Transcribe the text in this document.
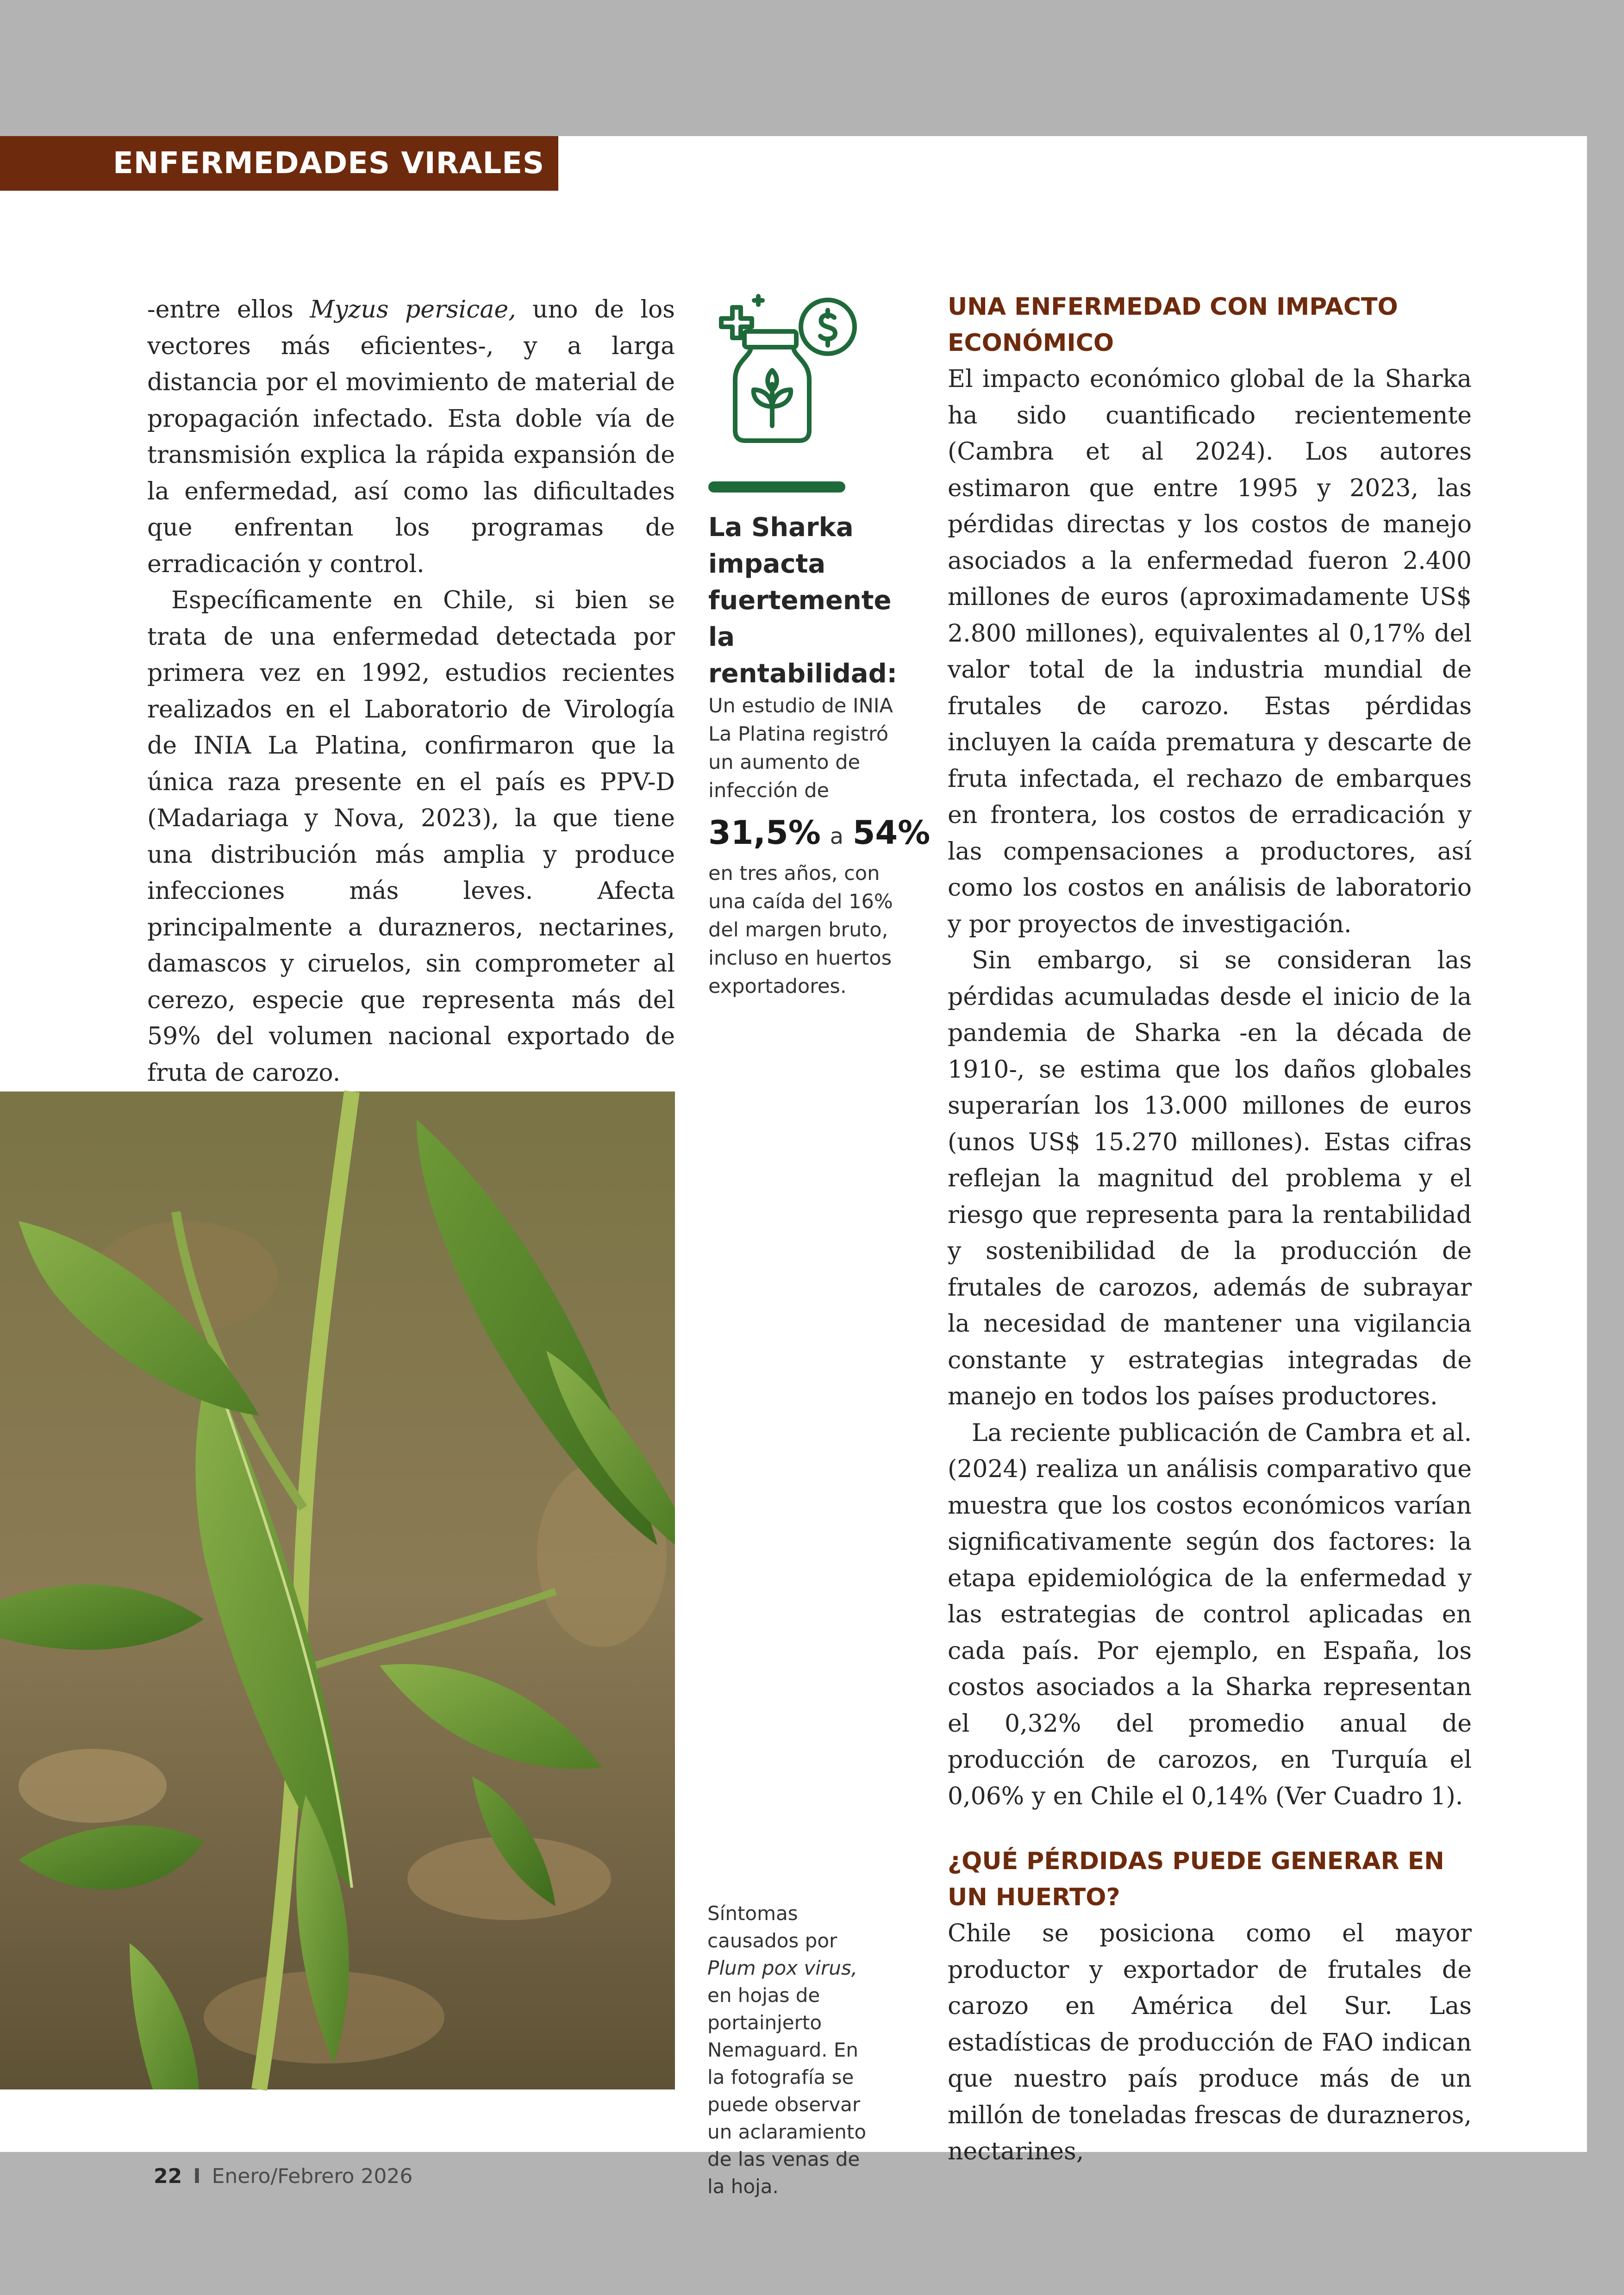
ENFERMEDADES VIRALES

-entre ellos Myzus persicae, uno de los vectores más eficientes-, y a larga distancia por el movimiento de material de propagación infectado. Esta doble vía de transmisión explica la rápida expansión de la enfermedad, así como las dificultades que enfrentan los programas de erradicación y control.

Específicamente en Chile, si bien se trata de una enfermedad detectada por primera vez en 1992, estudios recientes realizados en el Laboratorio de Virología de INIA La Platina, confirmaron que la única raza presente en el país es PPV-D (Madariaga y Nova, 2023), la que tiene una distribución más amplia y produce infecciones más leves. Afecta principalmente a durazneros, nectarines, damascos y ciruelos, sin comprometer al cerezo, especie que representa más del 59% del volumen nacional exportado de fruta de carozo.

La Sharka impacta fuertemente la rentabilidad:
Un estudio de INIA La Platina registró un aumento de infección de
31,5% a 54%
en tres años, con una caída del 16% del margen bruto, incluso en huertos exportadores.
Síntomas causados por Plum pox virus, en hojas de portainjerto Nemaguard. En la fotografía se puede observar un aclaramiento de las venas de la hoja.
UNA ENFERMEDAD CON IMPACTO ECONÓMICO

El impacto económico global de la Sharka ha sido cuantificado recientemente (Cambra et al 2024). Los autores estimaron que entre 1995 y 2023, las pérdidas directas y los costos de manejo asociados a la enfermedad fueron 2.400 millones de euros (aproximadamente US$ 2.800 millones), equivalentes al 0,17% del valor total de la industria mundial de frutales de carozo. Estas pérdidas incluyen la caída prematura y descarte de fruta infectada, el rechazo de embarques en frontera, los costos de erradicación y las compensaciones a productores, así como los costos en análisis de laboratorio y por proyectos de investigación.

Sin embargo, si se consideran las pérdidas acumuladas desde el inicio de la pandemia de Sharka -en la década de 1910-, se estima que los daños globales superarían los 13.000 millones de euros (unos US$ 15.270 millones). Estas cifras reflejan la magnitud del problema y el riesgo que representa para la rentabilidad y sostenibilidad de la producción de frutales de carozos, además de subrayar la necesidad de mantener una vigilancia constante y estrategias integradas de manejo en todos los países productores.

La reciente publicación de Cambra et al. (2024) realiza un análisis comparativo que muestra que los costos económicos varían significativamente según dos factores: la etapa epidemiológica de la enfermedad y las estrategias de control aplicadas en cada país. Por ejemplo, en España, los costos asociados a la Sharka representan el 0,32% del promedio anual de producción de carozos, en Turquía el 0,06% y en Chile el 0,14% (Ver Cuadro 1).

¿QUÉ PÉRDIDAS PUEDE GENERAR EN UN HUERTO?

Chile se posiciona como el mayor productor y exportador de frutales de carozo en América del Sur. Las estadísticas de producción de FAO indican que nuestro país produce más de un millón de toneladas frescas de durazneros, nectarines,

22 I Enero/Febrero 2026
